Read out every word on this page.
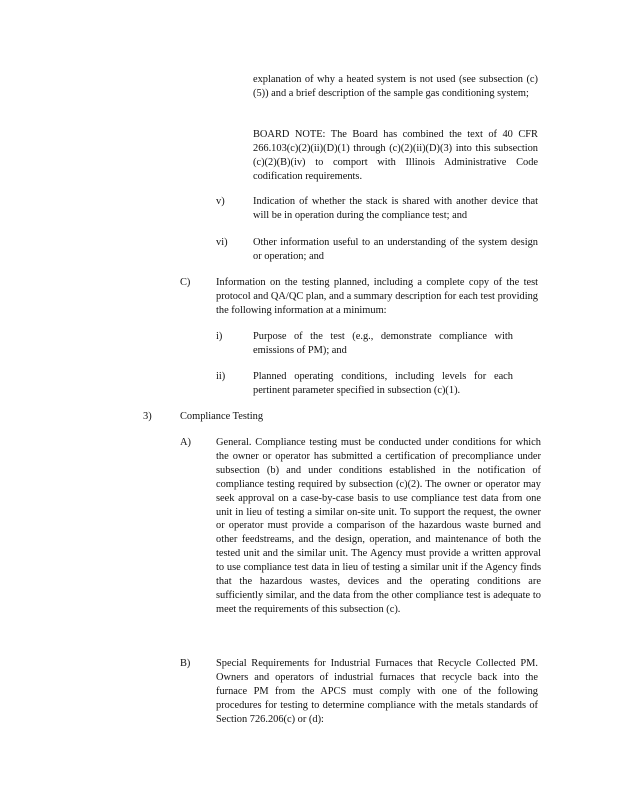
explanation of why a heated system is not used (see subsection (c)(5)) and a brief description of the sample gas conditioning system;

BOARD NOTE: The Board has combined the text of 40 CFR 266.103(c)(2)(ii)(D)(1) through (c)(2)(ii)(D)(3) into this subsection (c)(2)(B)(iv) to comport with Illinois Administrative Code codification requirements.

v)	Indication of whether the stack is shared with another device that will be in operation during the compliance test; and

vi) Other information useful to an understanding of the system design or operation; and

C) Information on the testing planned, including a complete copy of the test protocol and QA/QC plan, and a summary description for each test providing the following information at a minimum:

i)	Purpose of the test (e.g., demonstrate compliance with emissions of PM); and

ii)	Planned operating conditions, including levels for each pertinent parameter specified in subsection (c)(1).

3)	Compliance Testing
A) General. Compliance testing must be conducted under conditions for which the owner or operator has submitted a certification of precompliance under subsection (b) and under conditions established in the notification of compliance testing required by subsection (c)(2). The owner or operator may seek approval on a case-by-case basis to use compliance test data from one unit in lieu of testing a similar on-site unit. To support the request, the owner or operator must provide a comparison of the hazardous waste burned and other feedstreams, and the design, operation, and maintenance of both the tested unit and the similar unit. The Agency must provide a written approval to use compliance test data in lieu of testing a similar unit if the Agency finds that the hazardous wastes, devices and the operating conditions are sufficiently similar, and the data from the other compliance test is adequate to meet the requirements of this subsection (c).

B) Special Requirements for Industrial Furnaces that Recycle Collected PM. Owners and operators of industrial furnaces that recycle back into the furnace PM from the APCS must comply with one of the following procedures for testing to determine compliance with the metals standards of Section 726.206(c) or (d):
